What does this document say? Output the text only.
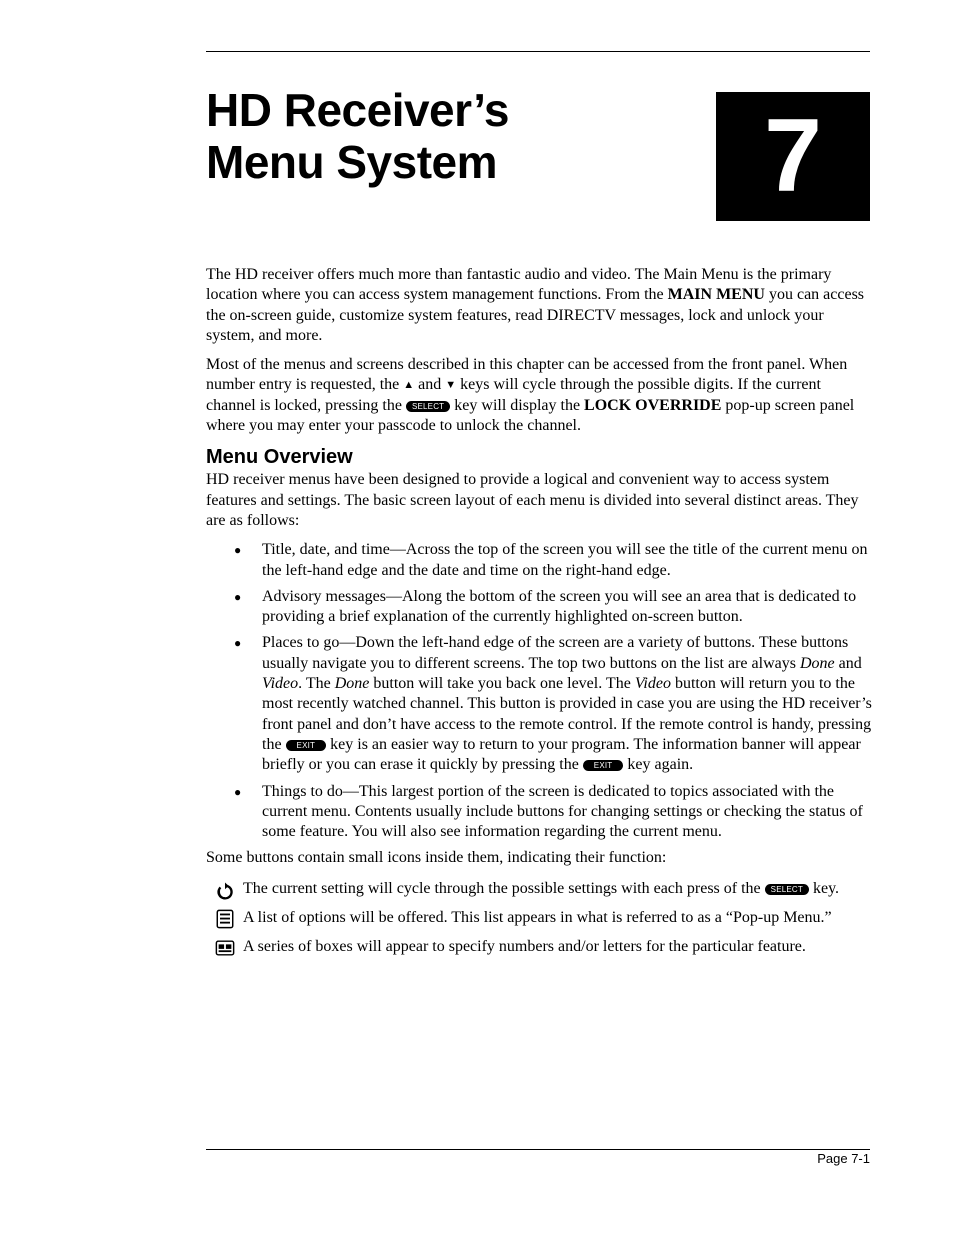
HD Receiver’s
Menu System	7

The HD receiver offers much more than fantastic audio and video. The Main Menu is the primary location where you can access system management functions. From the MAIN MENU you can access the on-screen guide, customize system features, read DIRECTV messages, lock and unlock your system, and more.

Most of the menus and screens described in this chapter can be accessed from the front panel. When number entry is requested, the ▲ and ▼ keys will cycle through the possible digits. If the current channel is locked, pressing the SELECT key will display the LOCK OVERRIDE pop-up screen panel where you may enter your passcode to unlock the channel.

Menu Overview

HD receiver menus have been designed to provide a logical and convenient way to access system features and settings. The basic screen layout of each menu is divided into several distinct areas. They are as follows:

● Title, date, and time—Across the top of the screen you will see the title of the current menu on the left-hand edge and the date and time on the right-hand edge.
● Advisory messages—Along the bottom of the screen you will see an area that is dedicated to providing a brief explanation of the currently highlighted on-screen button.
● Places to go—Down the left-hand edge of the screen are a variety of buttons. These buttons usually navigate you to different screens. The top two buttons on the list are always Done and Video. The Done button will take you back one level. The Video button will return you to the most recently watched channel. This button is provided in case you are using the HD receiver’s front panel and don’t have access to the remote control. If the remote control is handy, pressing the EXIT key is an easier way to return to your program. The information banner will appear briefly or you can erase it quickly by pressing the EXIT key again.
● Things to do—This largest portion of the screen is dedicated to topics associated with the current menu. Contents usually include buttons for changing settings or checking the status of some feature. You will also see information regarding the current menu.

Some buttons contain small icons inside them, indicating their function:

The current setting will cycle through the possible settings with each press of the SELECT key.
A list of options will be offered. This list appears in what is referred to as a “Pop-up Menu.”
A series of boxes will appear to specify numbers and/or letters for the particular feature.
Page 7-1
